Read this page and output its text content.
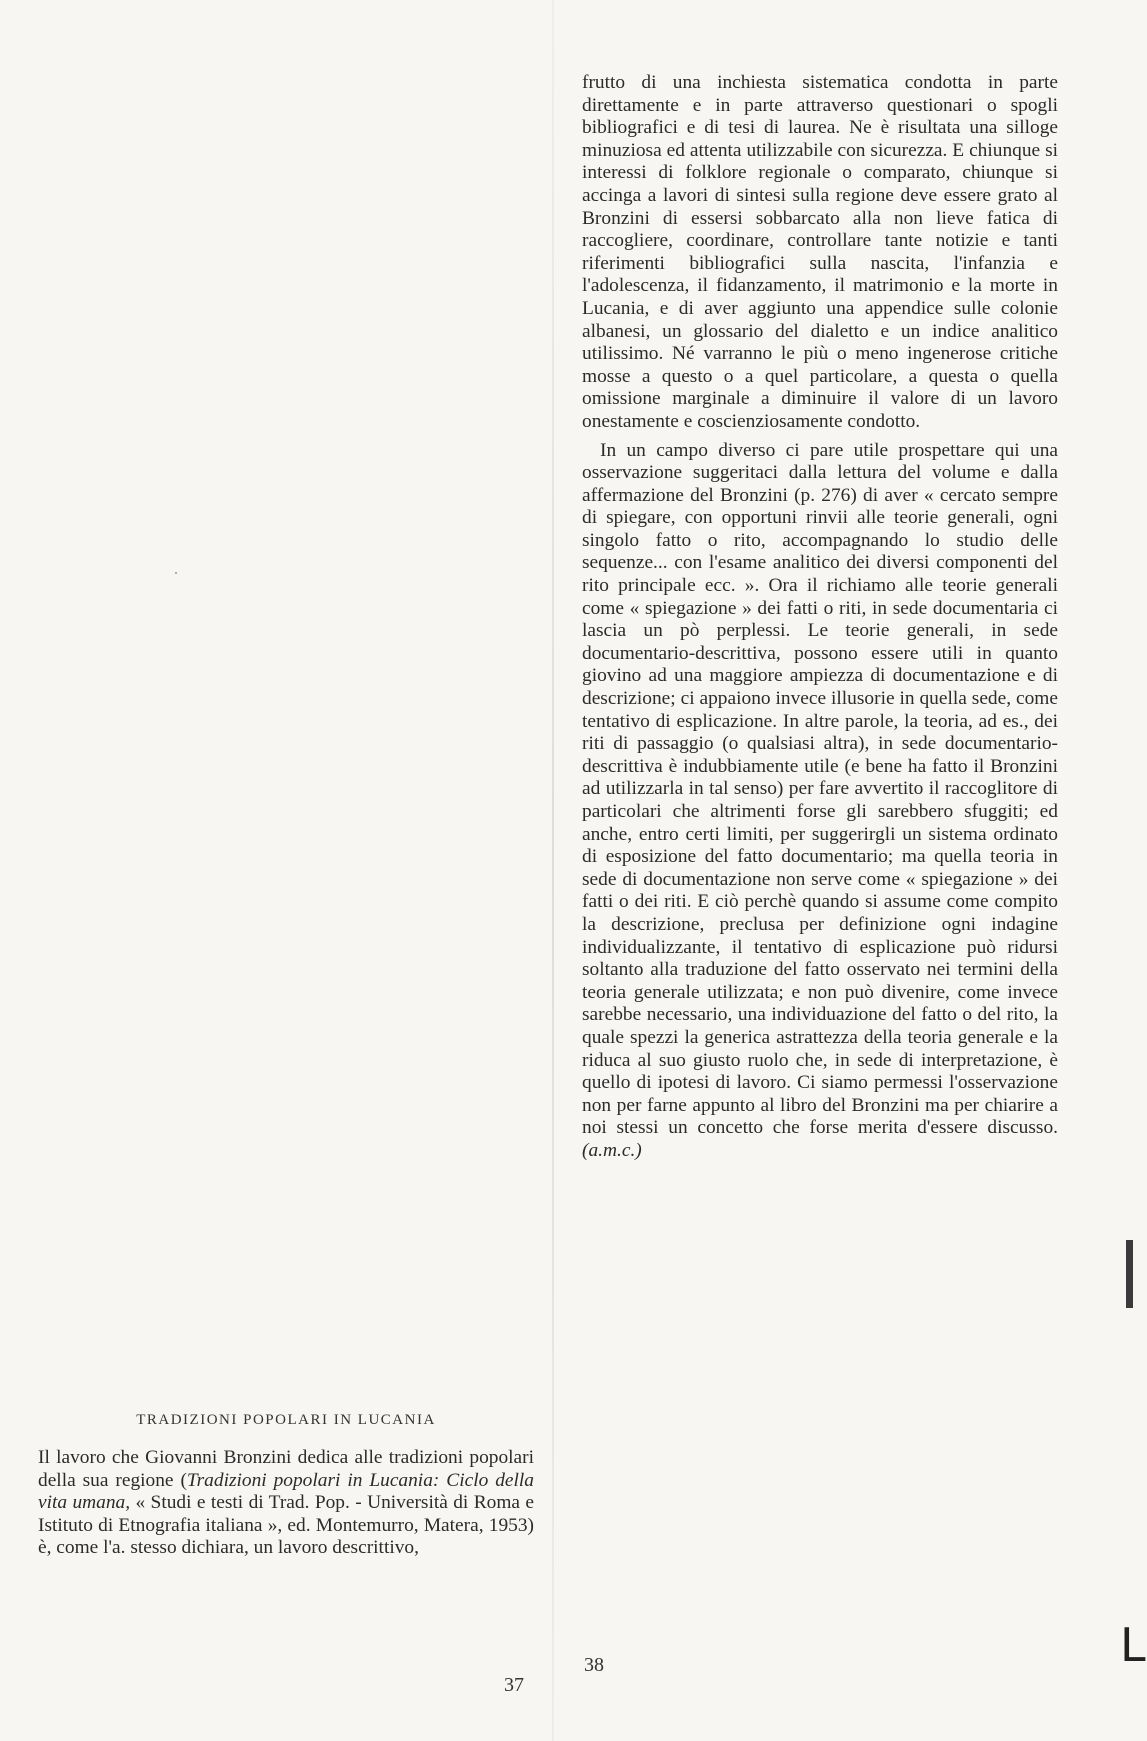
frutto di una inchiesta sistematica condotta in parte direttamente e in parte attraverso questionari o spogli bibliografici e di tesi di laurea. Ne è risultata una silloge minuziosa ed attenta utilizzabile con sicurezza. E chiunque si interessi di folklore regionale o comparato, chiunque si accinga a lavori di sintesi sulla regione deve essere grato al Bronzini di essersi sobbarcato alla non lieve fatica di raccogliere, coordinare, controllare tante notizie e tanti riferimenti bibliografici sulla nascita, l'infanzia e l'adolescenza, il fidanzamento, il matrimonio e la morte in Lucania, e di aver aggiunto una appendice sulle colonie albanesi, un glossario del dialetto e un indice analitico utilissimo. Né varranno le più o meno ingenerose critiche mosse a questo o a quel particolare, a questa o quella omissione marginale a diminuire il valore di un lavoro onestamente e coscienziosamente condotto.

In un campo diverso ci pare utile prospettare qui una osservazione suggeritaci dalla lettura del volume e dalla affermazione del Bronzini (p. 276) di aver « cercato sempre di spiegare, con opportuni rinvii alle teorie generali, ogni singolo fatto o rito, accompagnando lo studio delle sequenze... con l'esame analitico dei diversi componenti del rito principale ecc. ». Ora il richiamo alle teorie generali come « spiegazione » dei fatti o riti, in sede documentaria ci lascia un pò perplessi. Le teorie generali, in sede documentario-descrittiva, possono essere utili in quanto giovino ad una maggiore ampiezza di documentazione e di descrizione; ci appaiono invece illusorie in quella sede, come tentativo di esplicazione. In altre parole, la teoria, ad es., dei riti di passaggio (o qualsiasi altra), in sede documentario-descrittiva è indubbiamente utile (e bene ha fatto il Bronzini ad utilizzarla in tal senso) per fare avvertito il raccoglitore di particolari che altrimenti forse gli sarebbero sfuggiti; ed anche, entro certi limiti, per suggerirgli un sistema ordinato di esposizione del fatto documentario; ma quella teoria in sede di documentazione non serve come « spiegazione » dei fatti o dei riti. E ciò perchè quando si assume come compito la descrizione, preclusa per definizione ogni indagine individualizzante, il tentativo di esplicazione può ridursi soltanto alla traduzione del fatto osservato nei termini della teoria generale utilizzata; e non può divenire, come invece sarebbe necessario, una individuazione del fatto o del rito, la quale spezzi la generica astrattezza della teoria generale e la riduca al suo giusto ruolo che, in sede di interpretazione, è quello di ipotesi di lavoro. Ci siamo permessi l'osservazione non per farne appunto al libro del Bronzini ma per chiarire a noi stessi un concetto che forse merita d'essere discusso. (a.m.c.)

TRADIZIONI POPOLARI IN LUCANIA

Il lavoro che Giovanni Bronzini dedica alle tradizioni popolari della sua regione (Tradizioni popolari in Lucania: Ciclo della vita umana, « Studi e testi di Trad. Pop. - Università di Roma e Istituto di Etnografia italiana », ed. Montemurro, Matera, 1953) è, come l'a. stesso dichiara, un lavoro descrittivo,

37
38	L
